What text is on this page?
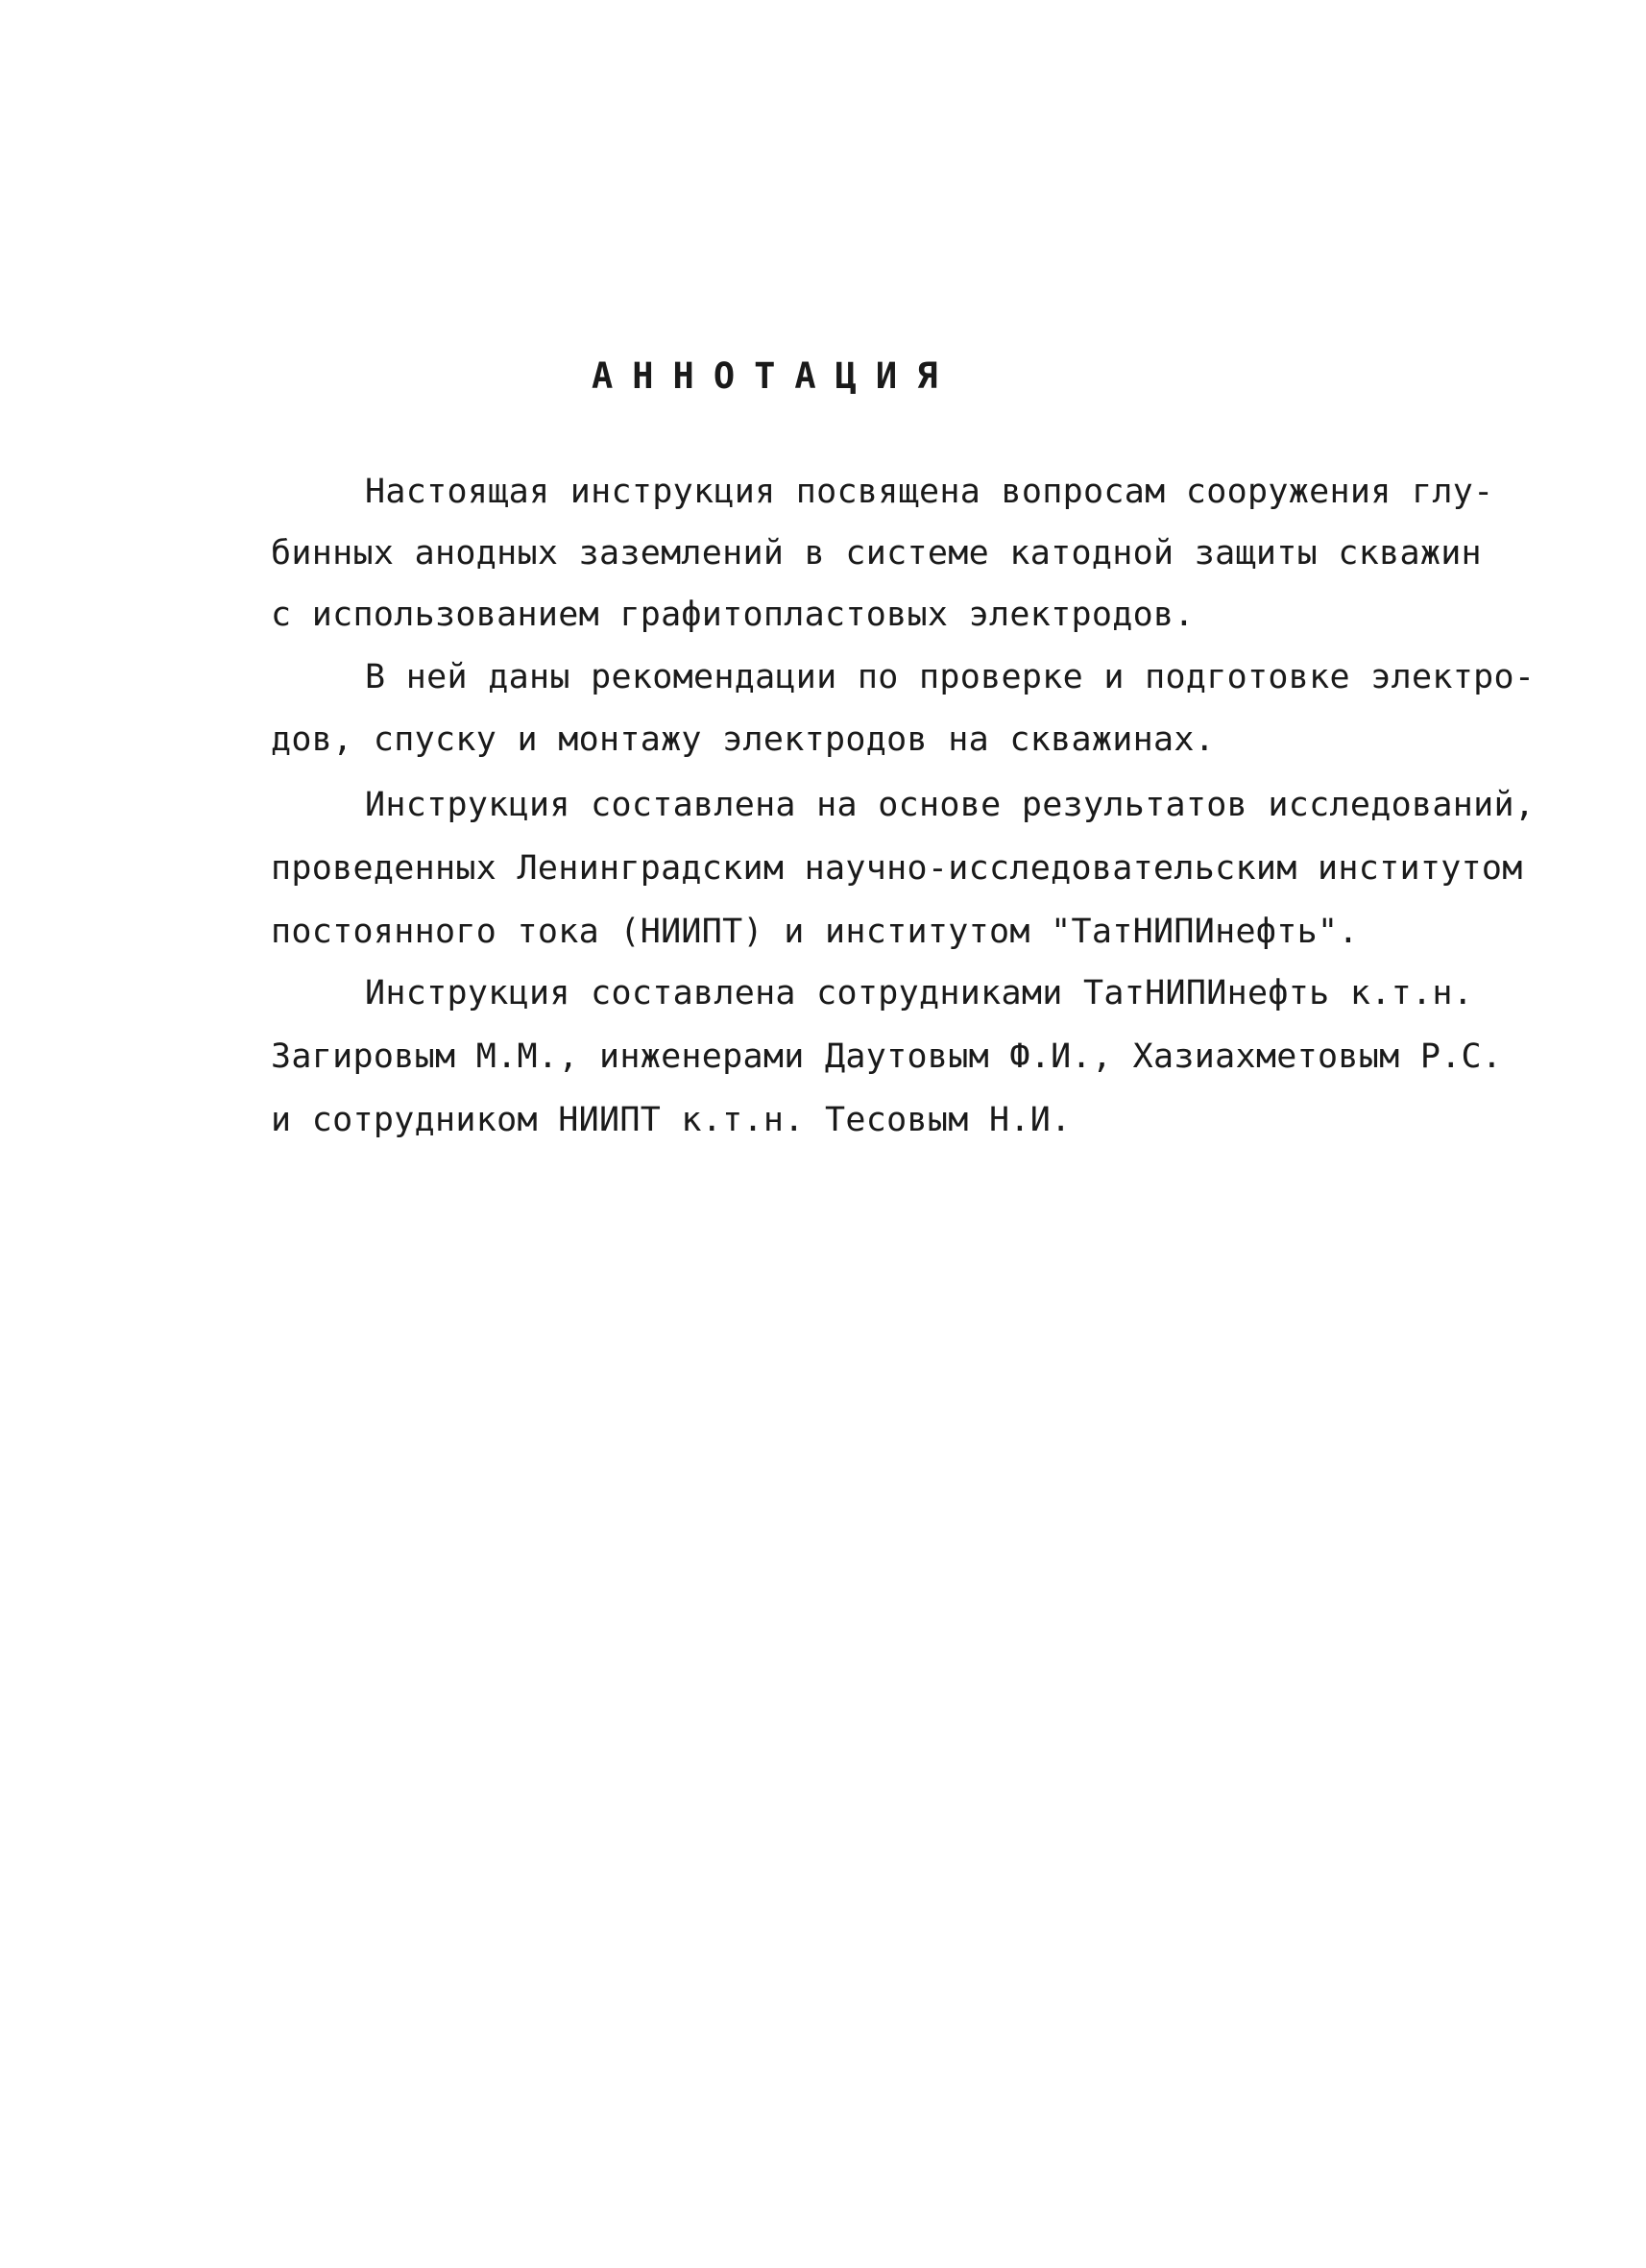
АННОТАЦИЯ
Настоящая инструкция посвящена вопросам сооружения глу-
бинных анодных заземлений в системе катодной защиты скважин
с использованием графитопластовых электродов.
В ней даны рекомендации по проверке и подготовке электро-
дов, спуску и монтажу электродов на скважинах.
Инструкция составлена на основе результатов исследований,
проведенных Ленинградским научно-исследовательским институтом
постоянного тока (НИИПТ) и институтом "ТатНИПИнефть".
Инструкция составлена сотрудниками ТатНИПИнефть к.т.н.
Загировым М.М., инженерами Даутовым Ф.И., Хазиахметовым Р.С.
и сотрудником НИИПТ к.т.н. Тесовым Н.И.
